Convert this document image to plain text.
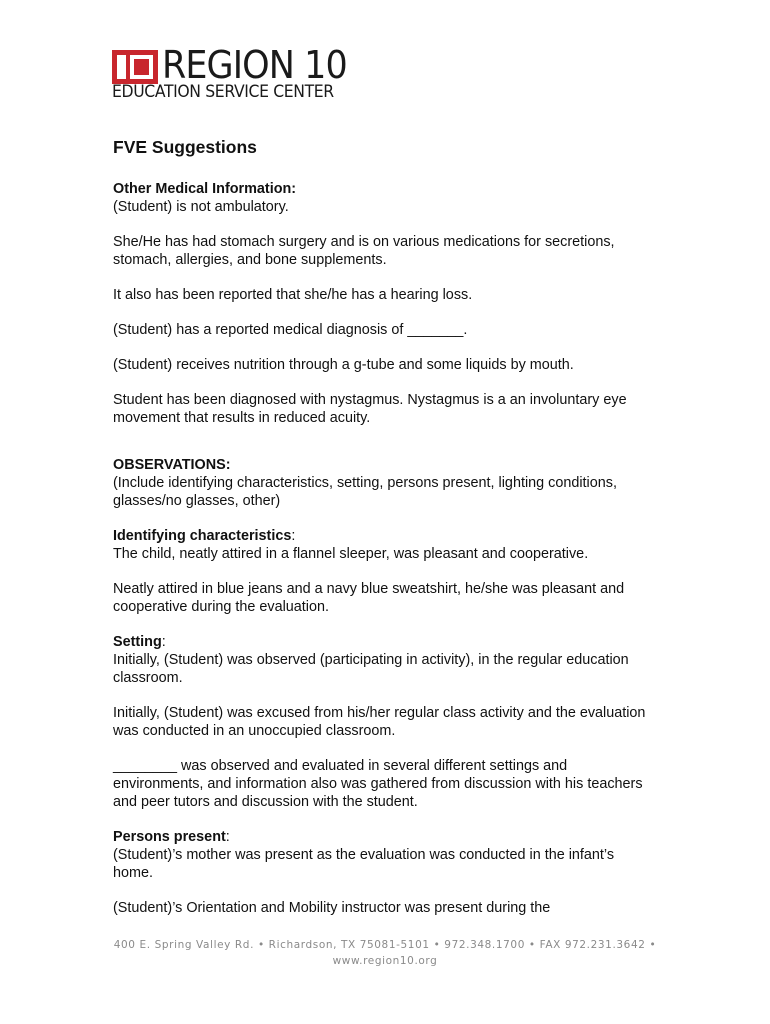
REGION 10
EDUCATION SERVICE CENTER
FVE Suggestions
Other Medical Information:
(Student) is not ambulatory.
She/He has had stomach surgery and is on various medications for secretions, stomach, allergies, and bone supplements.
It also has been reported that she/he has a hearing loss.
(Student) has a reported medical diagnosis of _______.
(Student) receives nutrition through a g-tube and some liquids by mouth.
Student has been diagnosed with nystagmus. Nystagmus is a an involuntary eye movement that results in reduced acuity.
OBSERVATIONS:
(Include identifying characteristics, setting, persons present, lighting conditions, glasses/no glasses, other)
Identifying characteristics:
The child, neatly attired in a flannel sleeper, was pleasant and cooperative.
Neatly attired in blue jeans and a navy blue sweatshirt, he/she was pleasant and cooperative during the evaluation.
Setting:
Initially, (Student) was observed (participating in activity), in the regular education classroom.
Initially, (Student) was excused from his/her regular class activity and the evaluation was conducted in an unoccupied classroom.
________ was observed and evaluated in several different settings and environments, and information also was gathered from discussion with his teachers and peer tutors and discussion with the student.
Persons present:
(Student)’s mother was present as the evaluation was conducted in the infant’s home.
(Student)’s Orientation and Mobility instructor was present during the
400 E. Spring Valley Rd. • Richardson, TX 75081-5101 • 972.348.1700 • FAX 972.231.3642 •
www.region10.org
